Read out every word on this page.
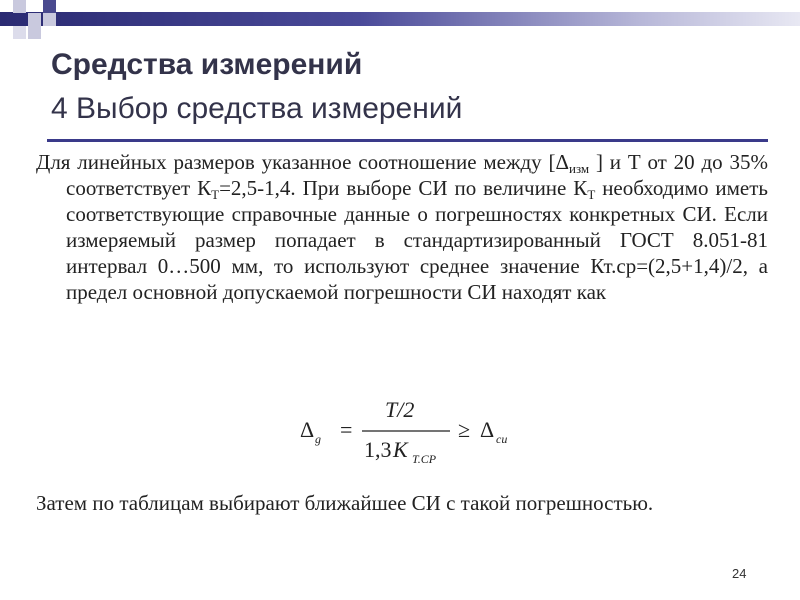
Средства измерений
4 Выбор средства измерений

Для линейных размеров указанное соотношение между [$\Delta_{изм}$ ] и Т от 20 до 35% соответствует $К_Т=2,5-1,4$. При выборе СИ по величине $К_Т$ необходимо иметь соответствующие справочные данные о погрешностях конкретных СИ. Если измеряемый размер попадает в стандартизированный ГОСТ 8.051-81 интервал 0…500 мм, то используют среднее значение Кт.ср=(2,5+1,4)/2, а предел основной допускаемой погрешности СИ находят как

Затем по таблицам выбирают ближайшее СИ с такой погрешностью.

Δ g =
T/2
1,3 K T.CP
≥ Δ си
24
